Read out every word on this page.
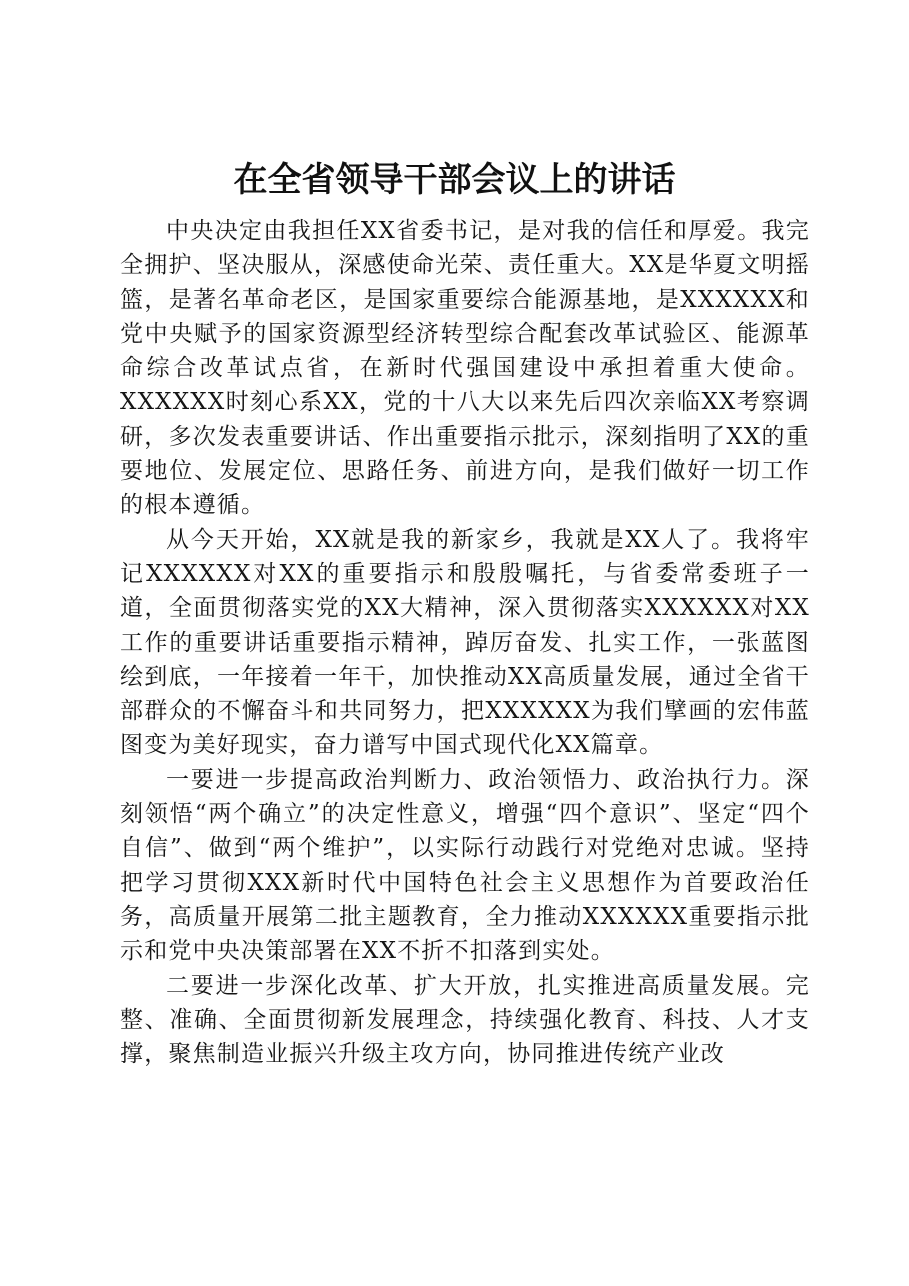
在全省领导干部会议上的讲话

中央决定由我担任XX省委书记，是对我的信任和厚爱。我完全拥护、坚决服从，深感使命光荣、责任重大。XX是华夏文明摇篮，是著名革命老区，是国家重要综合能源基地，是XXXXXX和党中央赋予的国家资源型经济转型综合配套改革试验区、能源革命综合改革试点省，在新时代强国建设中承担着重大使命。XXXXXX时刻心系XX，党的十八大以来先后四次亲临XX考察调研，多次发表重要讲话、作出重要指示批示，深刻指明了XX的重要地位、发展定位、思路任务、前进方向，是我们做好一切工作的根本遵循。

从今天开始，XX就是我的新家乡，我就是XX人了。我将牢记XXXXXX对XX的重要指示和殷殷嘱托，与省委常委班子一道，全面贯彻落实党的XX大精神，深入贯彻落实XXXXXX对XX工作的重要讲话重要指示精神，踔厉奋发、扎实工作，一张蓝图绘到底，一年接着一年干，加快推动XX高质量发展，通过全省干部群众的不懈奋斗和共同努力，把XXXXXX为我们擘画的宏伟蓝图变为美好现实，奋力谱写中国式现代化XX篇章。

一要进一步提高政治判断力、政治领悟力、政治执行力。深刻领悟“两个确立”的决定性意义，增强“四个意识”、坚定“四个自信”、做到“两个维护”，以实际行动践行对党绝对忠诚。坚持把学习贯彻XXX新时代中国特色社会主义思想作为首要政治任务，高质量开展第二批主题教育，全力推动XXXXXX重要指示批示和党中央决策部署在XX不折不扣落到实处。

二要进一步深化改革、扩大开放，扎实推进高质量发展。完整、准确、全面贯彻新发展理念，持续强化教育、科技、人才支撑，聚焦制造业振兴升级主攻方向，协同推进传统产业改
